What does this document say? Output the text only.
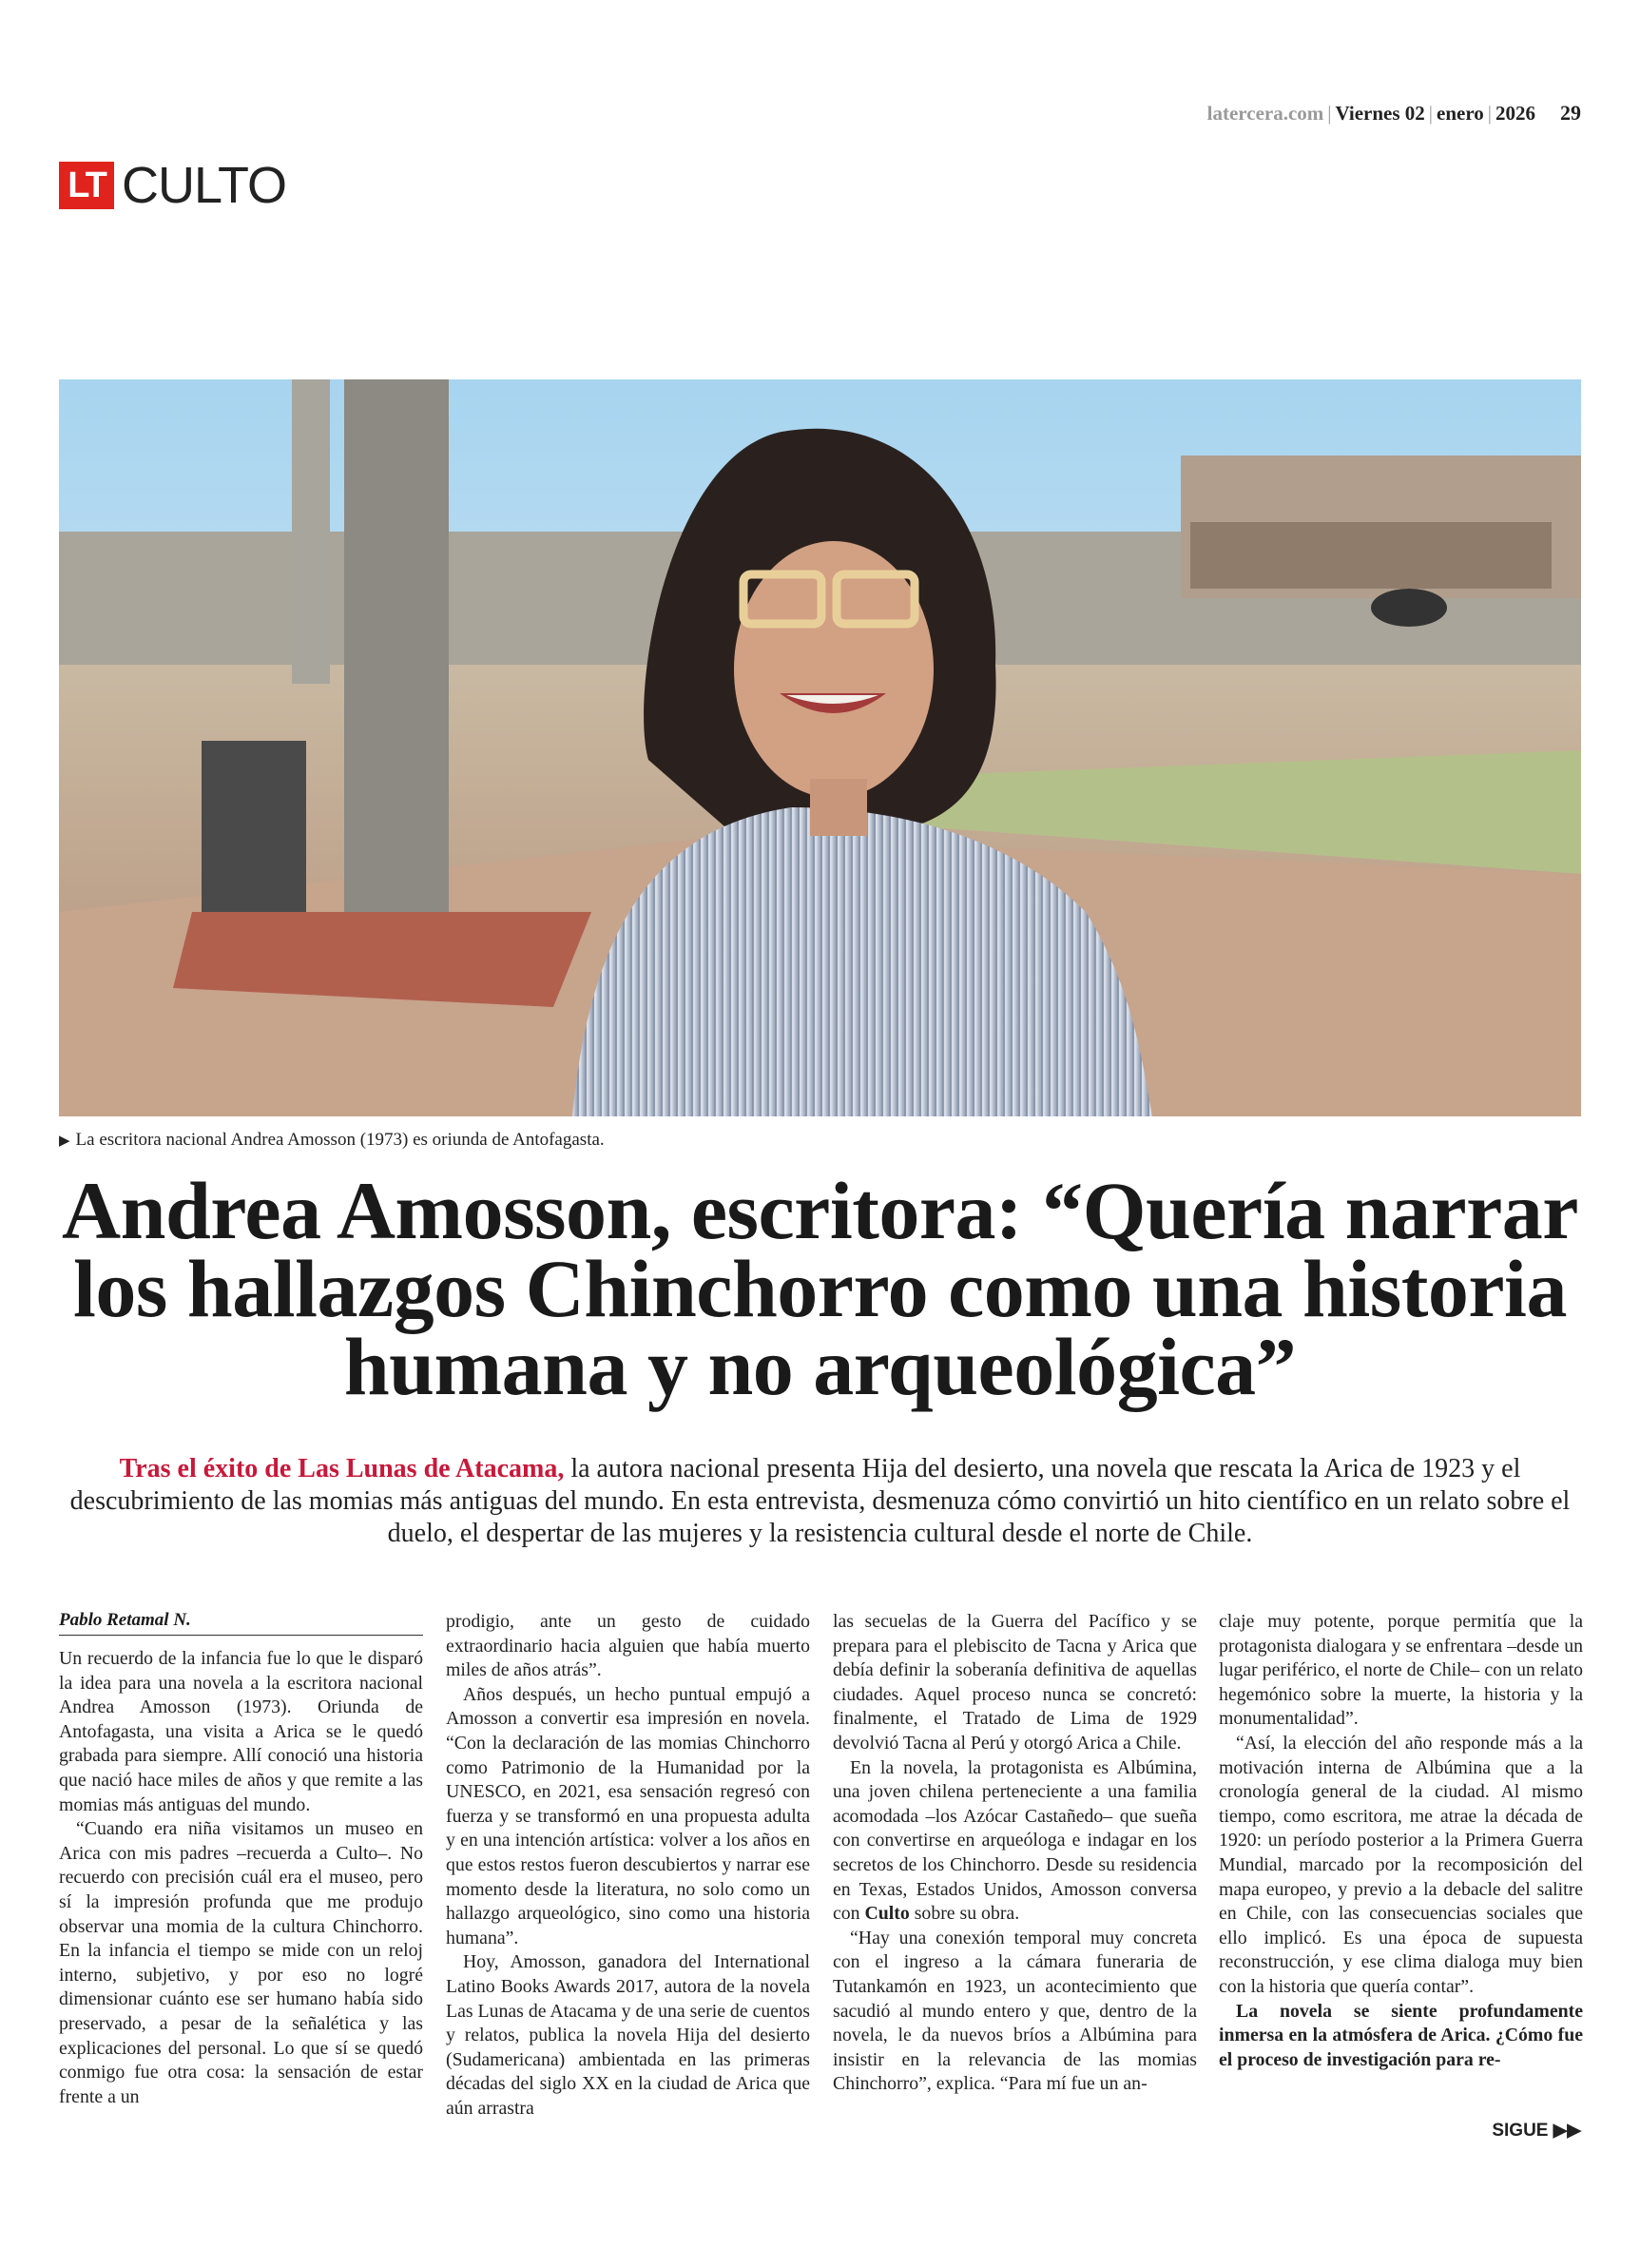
latercera.com | Viernes 02 | enero | 2026 29
LT CULTO
▶ La escritora nacional Andrea Amosson (1973) es oriunda de Antofagasta.
Andrea Amosson, escritora: “Quería narrar los hallazgos Chinchorro como una historia humana y no arqueológica”
Tras el éxito de Las Lunas de Atacama, la autora nacional presenta Hija del desierto, una novela que rescata la Arica de 1923 y el descubrimiento de las momias más antiguas del mundo. En esta entrevista, desmenuza cómo convirtió un hito científico en un relato sobre el duelo, el despertar de las mujeres y la resistencia cultural desde el norte de Chile.
Pablo Retamal N.

Un recuerdo de la infancia fue lo que le disparó la idea para una novela a la escritora nacional Andrea Amosson (1973). Oriunda de Antofagasta, una visita a Arica se le quedó grabada para siempre. Allí conoció una historia que nació hace miles de años y que remite a las momias más antiguas del mundo.

“Cuando era niña visitamos un museo en Arica con mis padres –recuerda a Culto–. No recuerdo con precisión cuál era el museo, pero sí la impresión profunda que me produjo observar una momia de la cultura Chinchorro. En la infancia el tiempo se mide con un reloj interno, subjetivo, y por eso no logré dimensionar cuánto ese ser humano había sido preservado, a pesar de la señalética y las explicaciones del personal. Lo que sí se quedó conmigo fue otra cosa: la sensación de estar frente a un

prodigio, ante un gesto de cuidado extraordinario hacia alguien que había muerto miles de años atrás”.

Años después, un hecho puntual empujó a Amosson a convertir esa impresión en novela. “Con la declaración de las momias Chinchorro como Patrimonio de la Humanidad por la UNESCO, en 2021, esa sensación regresó con fuerza y se transformó en una propuesta adulta y en una intención artística: volver a los años en que estos restos fueron descubiertos y narrar ese momento desde la literatura, no solo como un hallazgo arqueológico, sino como una historia humana”.

Hoy, Amosson, ganadora del International Latino Books Awards 2017, autora de la novela Las Lunas de Atacama y de una serie de cuentos y relatos, publica la novela Hija del desierto (Sudamericana) ambientada en las primeras décadas del siglo XX en la ciudad de Arica que aún arrastra

las secuelas de la Guerra del Pacífico y se prepara para el plebiscito de Tacna y Arica que debía definir la soberanía definitiva de aquellas ciudades. Aquel proceso nunca se concretó: finalmente, el Tratado de Lima de 1929 devolvió Tacna al Perú y otorgó Arica a Chile.

En la novela, la protagonista es Albúmina, una joven chilena perteneciente a una familia acomodada –los Azócar Castañedo– que sueña con convertirse en arqueóloga e indagar en los secretos de los Chinchorro. Desde su residencia en Texas, Estados Unidos, Amosson conversa con Culto sobre su obra.

“Hay una conexión temporal muy concreta con el ingreso a la cámara funeraria de Tutankamón en 1923, un acontecimiento que sacudió al mundo entero y que, dentro de la novela, le da nuevos bríos a Albúmina para insistir en la relevancia de las momias Chinchorro”, explica. “Para mí fue un an-

claje muy potente, porque permitía que la protagonista dialogara y se enfrentara –desde un lugar periférico, el norte de Chile– con un relato hegemónico sobre la muerte, la historia y la monumentalidad”.

“Así, la elección del año responde más a la motivación interna de Albúmina que a la cronología general de la ciudad. Al mismo tiempo, como escritora, me atrae la década de 1920: un período posterior a la Primera Guerra Mundial, marcado por la recomposición del mapa europeo, y previo a la debacle del salitre en Chile, con las consecuencias sociales que ello implicó. Es una época de supuesta reconstrucción, y ese clima dialoga muy bien con la historia que quería contar”.

La novela se siente profundamente inmersa en la atmósfera de Arica. ¿Cómo fue el proceso de investigación para re-

SIGUE ▶▶
